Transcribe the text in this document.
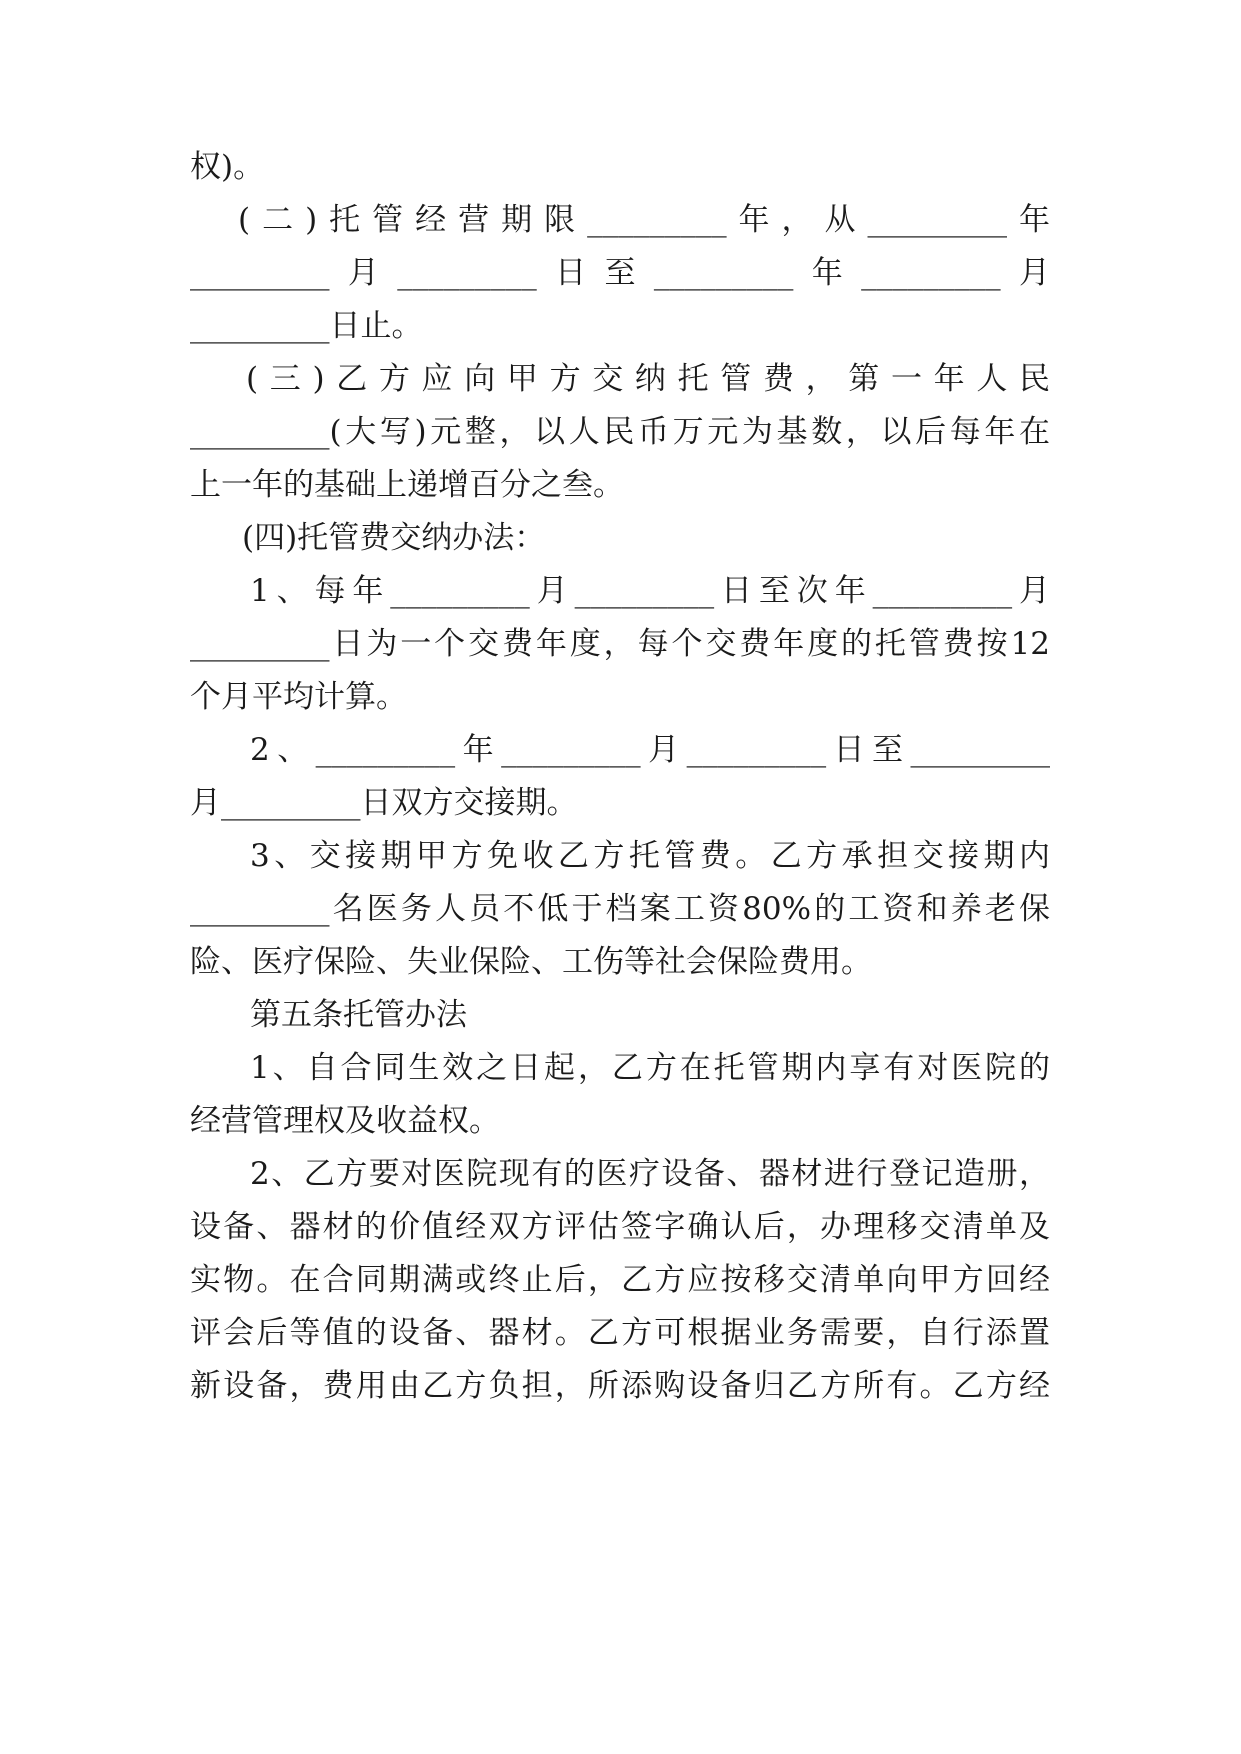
权)。
(二)托管经营期限_________年，从_________年
_________月_________日至_________年_________月
_________日止。
(三)乙方应向甲方交纳托管费，第一年人民
_________(大写)元整，以人民币万元为基数，以后每年在
上一年的基础上递增百分之叁。
(四)托管费交纳办法：
1、每年_________月_________日至次年_________月
_________日为一个交费年度，每个交费年度的托管费按12
个月平均计算。
2、_________年_________月_________日至_________
月_________日双方交接期。
3、交接期甲方免收乙方托管费。乙方承担交接期内
_________名医务人员不低于档案工资80%的工资和养老保
险、医疗保险、失业保险、工伤等社会保险费用。
第五条托管办法
1、自合同生效之日起，乙方在托管期内享有对医院的
经营管理权及收益权。
2、乙方要对医院现有的医疗设备、器材进行登记造册，
设备、器材的价值经双方评估签字确认后，办理移交清单及
实物。在合同期满或终止后，乙方应按移交清单向甲方回经
评会后等值的设备、器材。乙方可根据业务需要，自行添置
新设备，费用由乙方负担，所添购设备归乙方所有。乙方经
